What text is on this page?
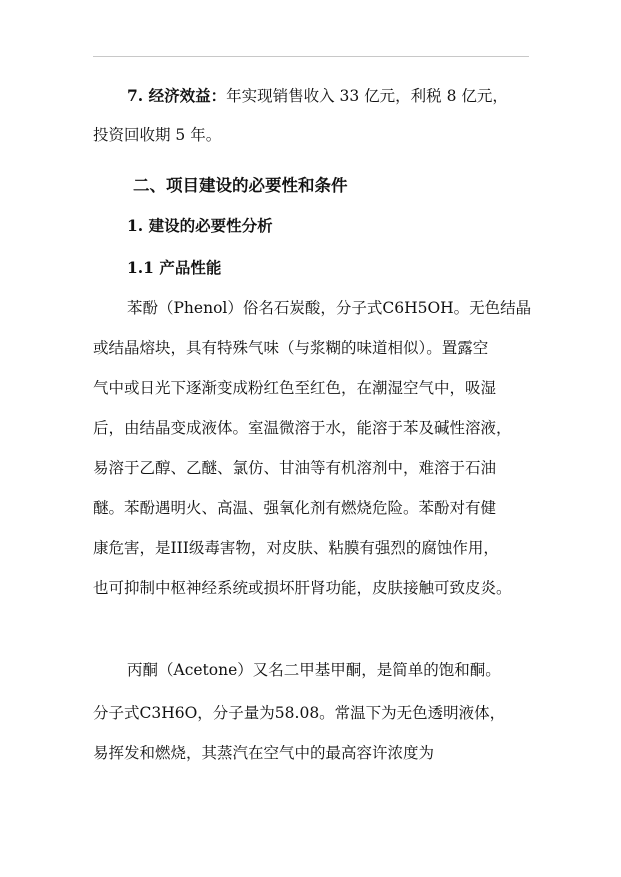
7. 经济效益：年实现销售收入 33 亿元，利税 8 亿元，
投资回收期 5 年。
二、项目建设的必要性和条件
1. 建设的必要性分析
1.1 产品性能
苯酚（Phenol）俗名石炭酸，分子式C6H5OH。无色结晶
或结晶熔块，具有特殊气味（与浆糊的味道相似）。置露空
气中或日光下逐渐变成粉红色至红色，在潮湿空气中，吸湿
后，由结晶变成液体。室温微溶于水，能溶于苯及碱性溶液，
易溶于乙醇、乙醚、氯仿、甘油等有机溶剂中，难溶于石油
醚。苯酚遇明火、高温、强氧化剂有燃烧危险。苯酚对有健
康危害，是III级毒害物，对皮肤、粘膜有强烈的腐蚀作用，
也可抑制中枢神经系统或损坏肝肾功能，皮肤接触可致皮炎。
丙酮（Acetone）又名二甲基甲酮，是简单的饱和酮。
分子式C3H6O，分子量为58.08。常温下为无色透明液体，
易挥发和燃烧，其蒸汽在空气中的最高容许浓度为
